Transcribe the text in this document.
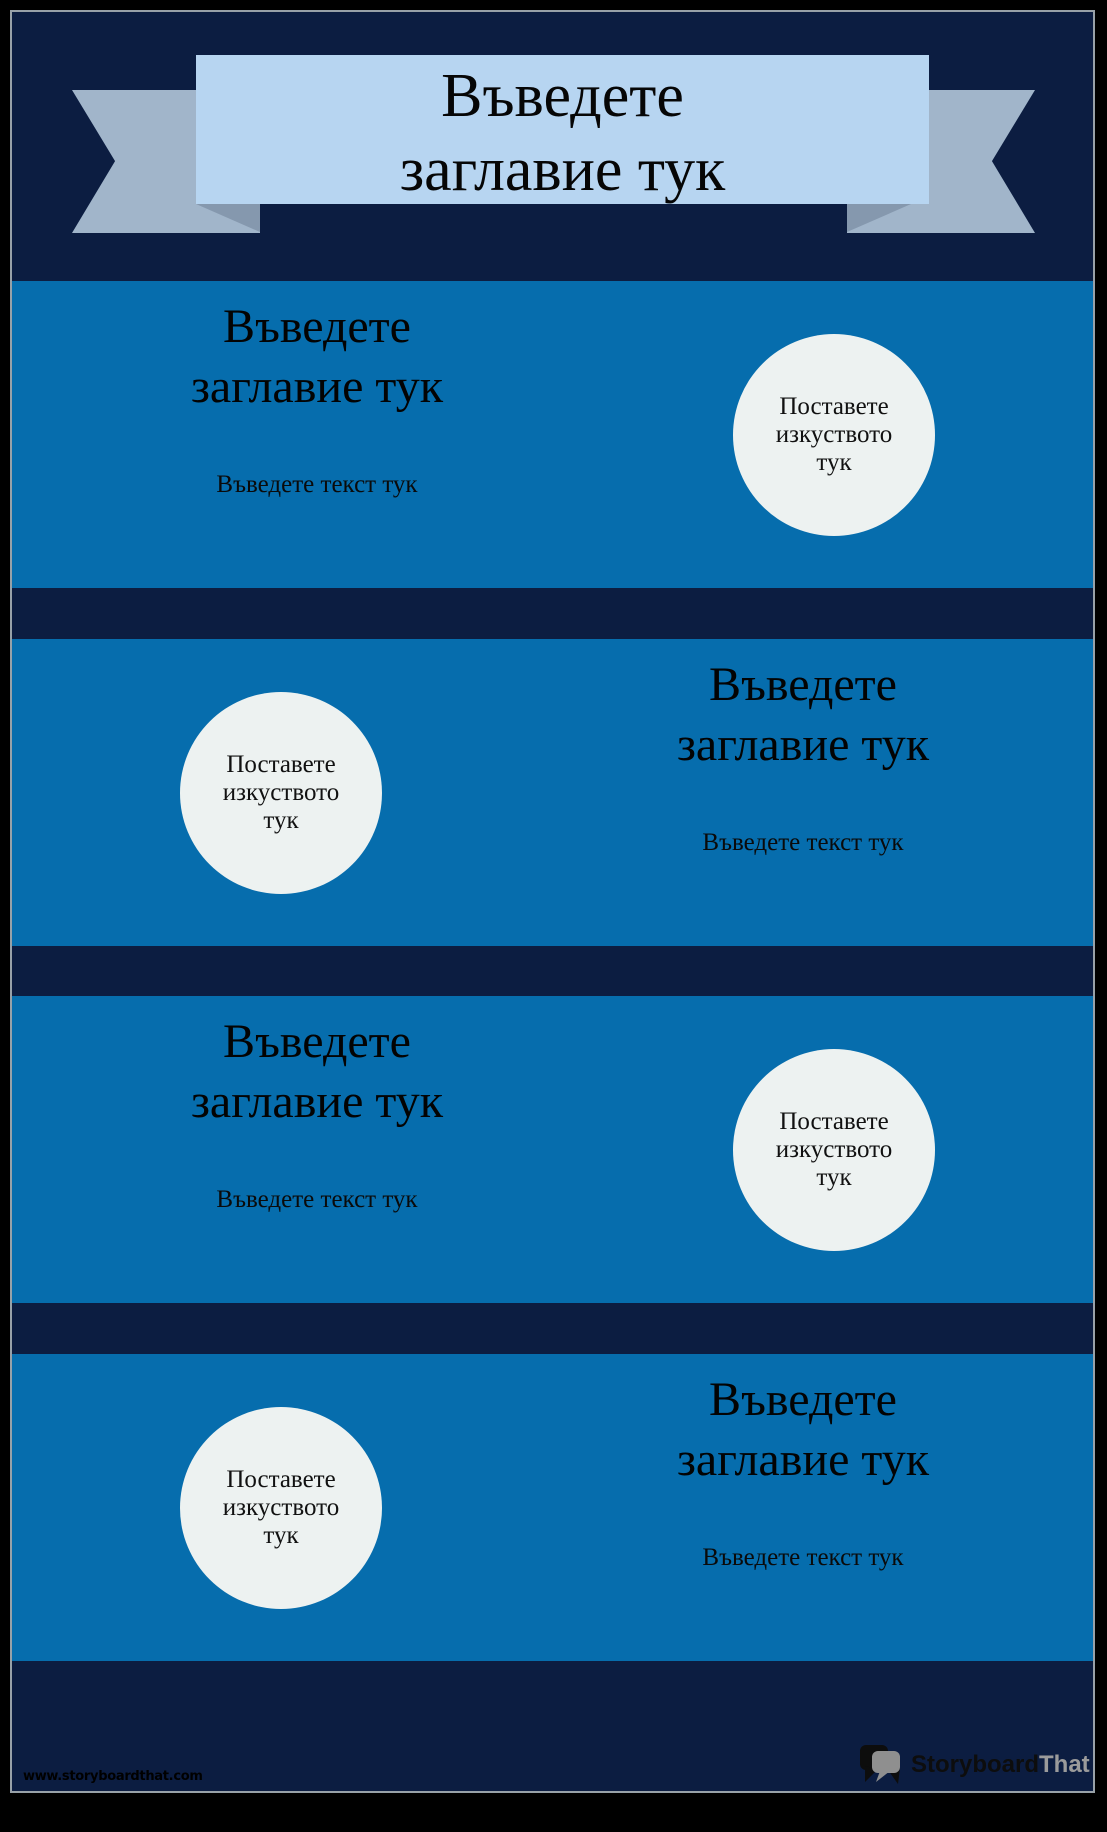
Въведете
заглавие тук
Въведете
заглавие тук
Въведете текст тук
Поставете
изкуството
тук
Въведете
заглавие тук
Въведете текст тук
Поставете
изкуството
тук
Въведете
заглавие тук
Въведете текст тук
Поставете
изкуството
тук
Въведете
заглавие тук
Въведете текст тук
Поставете
изкуството
тук
www.storyboardthat.com	StoryboardThat
